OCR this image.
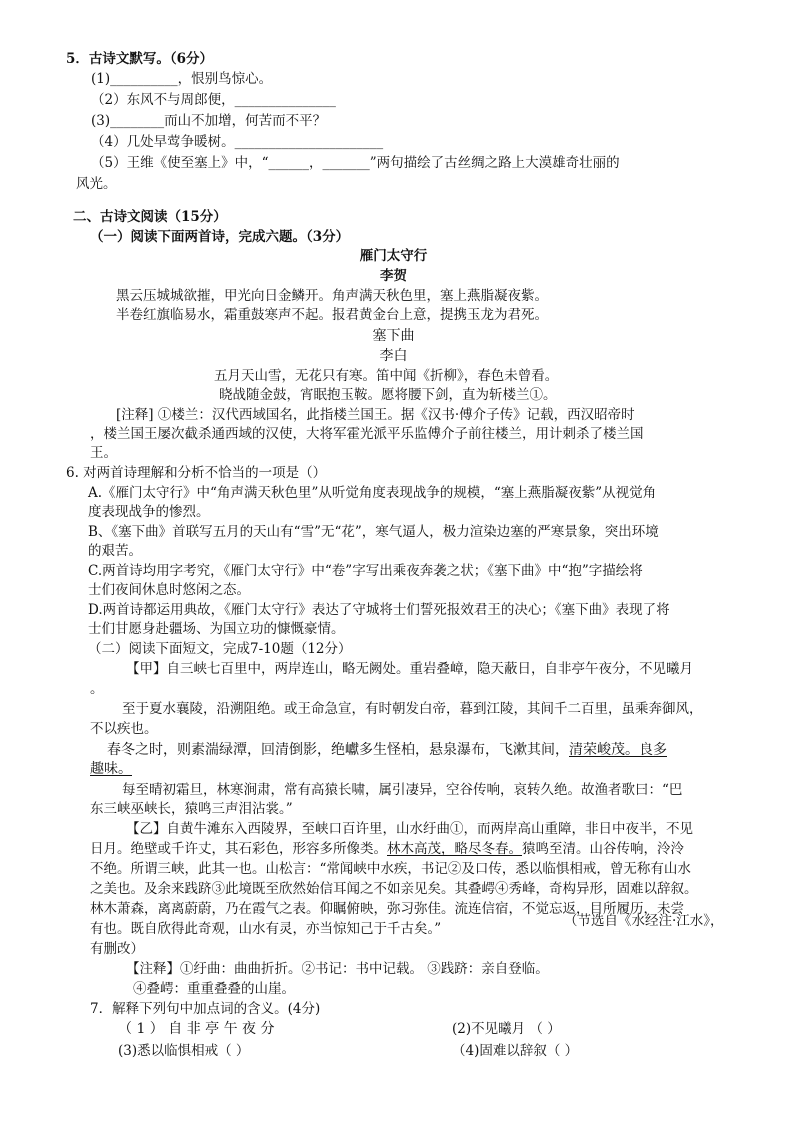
5．古诗文默写。（6分）
(1)__________，恨别鸟惊心。
（2）东风不与周郎便，_______________
(3)________而山不加增，何苦而不平？
（4）几处早莺争暖树。______________________
（5）王维《使至塞上》中，“______，_______”两句描绘了古丝绸之路上大漠雄奇壮丽的
风光。
二、古诗文阅读（15分）
（一）阅读下面两首诗，完成六题。（3分）
雁门太守行
李贺
黑云压城城欲摧，甲光向日金鳞开。角声满天秋色里，塞上燕脂凝夜紫。
半卷红旗临易水，霜重鼓寒声不起。报君黄金台上意，提携玉龙为君死。
塞下曲
李白
五月天山雪，无花只有寒。笛中闻《折柳》，春色未曾看。
晓战随金鼓，宵眠抱玉鞍。愿将腰下剑，直为斩楼兰①。
[注释] ①楼兰：汉代西域国名，此指楼兰国王。据《汉书·傅介子传》记载，西汉昭帝时
，楼兰国王屡次截杀通西域的汉使，大将军霍光派平乐监傅介子前往楼兰，用计刺杀了楼兰国
王。
6. 对两首诗理解和分析不恰当的一项是（）
A.《雁门太守行》中“角声满天秋色里”从听觉角度表现战争的规模，“塞上燕脂凝夜紫”从视觉角
度表现战争的惨烈。
B、《塞下曲》首联写五月的天山有“雪”无“花”，寒气逼人，极力渲染边塞的严寒景象，突出环境
的艰苦。
C.两首诗均用字考究，《雁门太守行》中“卷”字写出乘夜奔袭之状；《塞下曲》中“抱”字描绘将
士们夜间休息时悠闲之态。
D.两首诗都运用典故，《雁门太守行》表达了守城将士们誓死报效君王的决心；《塞下曲》表现了将
士们甘愿身赴疆场、为国立功的慷慨豪情。
（二）阅读下面短文，完成7-10题（12分）
【甲】自三峡七百里中，两岸连山，略无阙处。重岩叠嶂，隐天蔽日，自非亭午夜分，不见曦月
。
至于夏水襄陵，沿溯阻绝。或王命急宣，有时朝发白帝，暮到江陵，其间千二百里，虽乘奔御风，
不以疾也。
春冬之时，则素湍绿潭，回清倒影，绝巘多生怪柏，悬泉瀑布，飞漱其间，清荣峻茂。良多
趣味。
每至晴初霜旦，林寒涧肃，常有高猿长啸，属引凄异，空谷传响，哀转久绝。故渔者歌曰：“巴
东三峡巫峡长，猿鸣三声泪沾裳。”
【乙】自黄牛滩东入西陵界，至峡口百许里，山水纡曲①，而两岸高山重障，非日中夜半，不见
日月。绝壁或千许丈，其石彩色，形容多所像类。林木高茂，略尽冬春。猿鸣至清。山谷传响，泠泠
不绝。所谓三峡，此其一也。山松言：“常闻峡中水疾，书记②及口传，悉以临惧相戒，曾无称有山水
之美也。及余来践跻③此境既至欣然始信耳闻之不如亲见矣。其叠崿④秀峰，奇构异形，固难以辞叙。
林木萧森，离离蔚蔚，乃在霞气之表。仰瞩俯映，弥习弥佳。流连信宿，不觉忘返，目所履历，未尝
有也。既自欣得此奇观，山水有灵，亦当惊知己于千古矣。”	（节选自《水经注·江水》，
有删改）
【注释】①纡曲：曲曲折折。②书记：书中记载。 ③践跻：亲自登临。
④叠崿：重重叠叠的山崖。
7．解释下列句中加点词的含义。(4分)
（ 1 ） 自 非 亭 午 夜 分	(2)不见曦月 （ ）
(3)悉以临惧相戒（ ）	（4)固难以辞叙（ ）
